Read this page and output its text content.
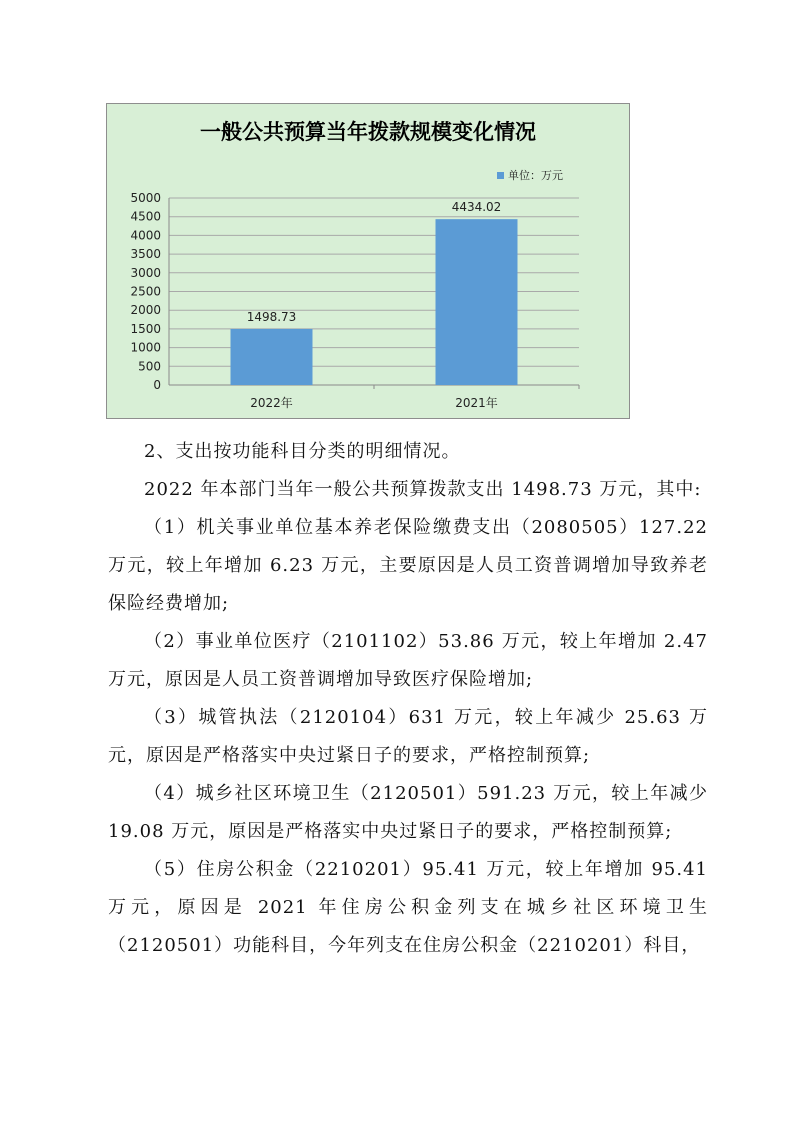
一般公共预算当年拨款规模变化情况
单位：万元
0
500
1000
1500
2000
2500
3000
3500
4000
4500
5000
1498.73
2022年
4434.02
2021年

2、支出按功能科目分类的明细情况。

2022 年本部门当年一般公共预算拨款支出 1498.73 万元，其中:

（1）机关事业单位基本养老保险缴费支出（2080505）127.22万元，较上年增加 6.23 万元，主要原因是人员工资普调增加导致养老保险经费增加;

（2）事业单位医疗（2101102）53.86 万元，较上年增加 2.47万元，原因是人员工资普调增加导致医疗保险增加;

（3）城管执法（2120104）631 万元，较上年减少 25.63 万元，原因是严格落实中央过紧日子的要求，严格控制预算;

（4）城乡社区环境卫生（2120501）591.23 万元，较上年减少 19.08 万元，原因是严格落实中央过紧日子的要求，严格控制预算;

（5）住房公积金（2210201）95.41 万元，较上年增加 95.41万元，原因是 2021 年住房公积金列支在城乡社区环境卫生（2120501）功能科目，今年列支在住房公积金（2210201）科目，
